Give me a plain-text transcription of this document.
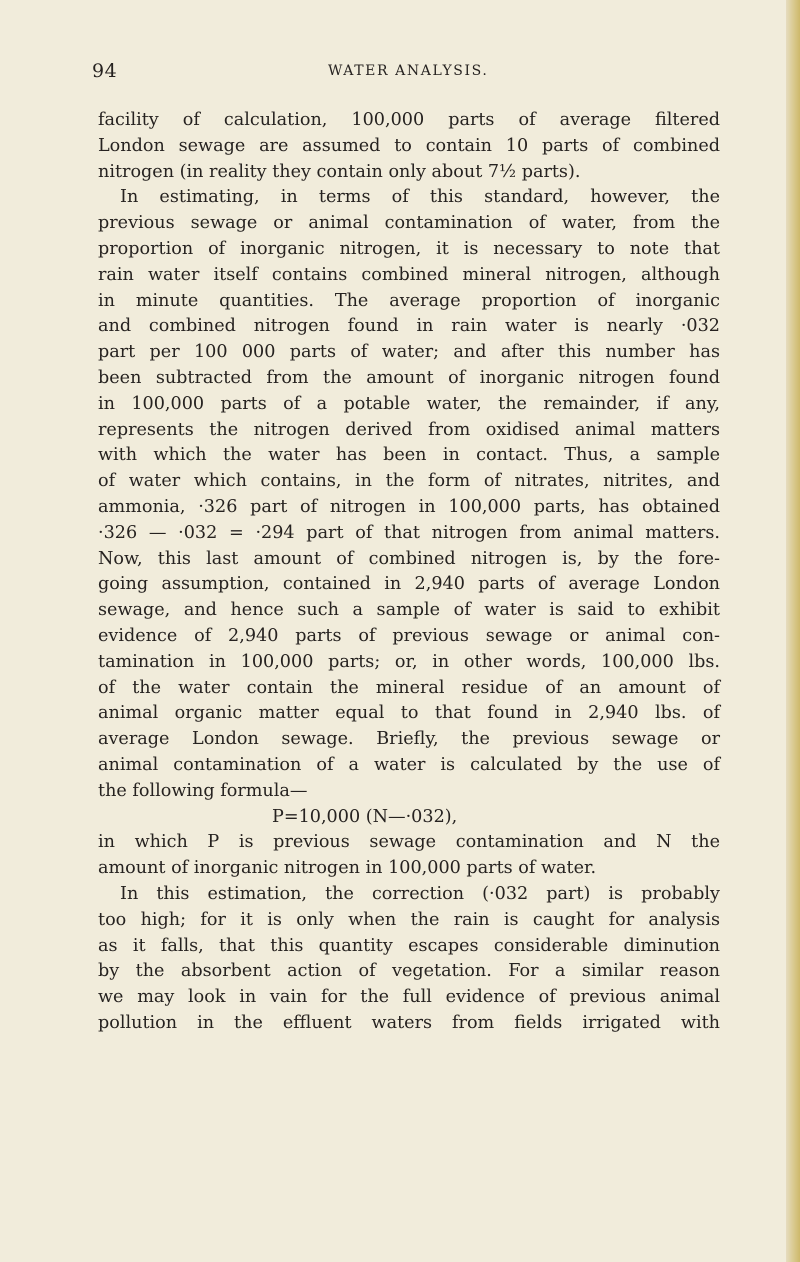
94	WATER ANALYSIS.
facility of calculation, 100,000 parts of average filtered
London sewage are assumed to contain 10 parts of combined
nitrogen (in reality they contain only about 7½ parts).
In estimating, in terms of this standard, however, the
previous sewage or animal contamination of water, from the
proportion of inorganic nitrogen, it is necessary to note that
rain water itself contains combined mineral nitrogen, although
in minute quantities. The average proportion of inorganic
and combined nitrogen found in rain water is nearly ·032
part per 100 000 parts of water; and after this number has
been subtracted from the amount of inorganic nitrogen found
in 100,000 parts of a potable water, the remainder, if any,
represents the nitrogen derived from oxidised animal matters
with which the water has been in contact. Thus, a sample
of water which contains, in the form of nitrates, nitrites, and
ammonia, ·326 part of nitrogen in 100,000 parts, has obtained
·326 — ·032 = ·294 part of that nitrogen from animal matters.
Now, this last amount of combined nitrogen is, by the fore-
going assumption, contained in 2,940 parts of average London
sewage, and hence such a sample of water is said to exhibit
evidence of 2,940 parts of previous sewage or animal con-
tamination in 100,000 parts; or, in other words, 100,000 lbs.
of the water contain the mineral residue of an amount of
animal organic matter equal to that found in 2,940 lbs. of
average London sewage. Briefly, the previous sewage or
animal contamination of a water is calculated by the use of
the following formula—
P=10,000 (N—·032),
in which P is previous sewage contamination and N the
amount of inorganic nitrogen in 100,000 parts of water.
In this estimation, the correction (·032 part) is probably
too high; for it is only when the rain is caught for analysis
as it falls, that this quantity escapes considerable diminution
by the absorbent action of vegetation. For a similar reason
we may look in vain for the full evidence of previous animal
pollution in the effluent waters from fields irrigated with
